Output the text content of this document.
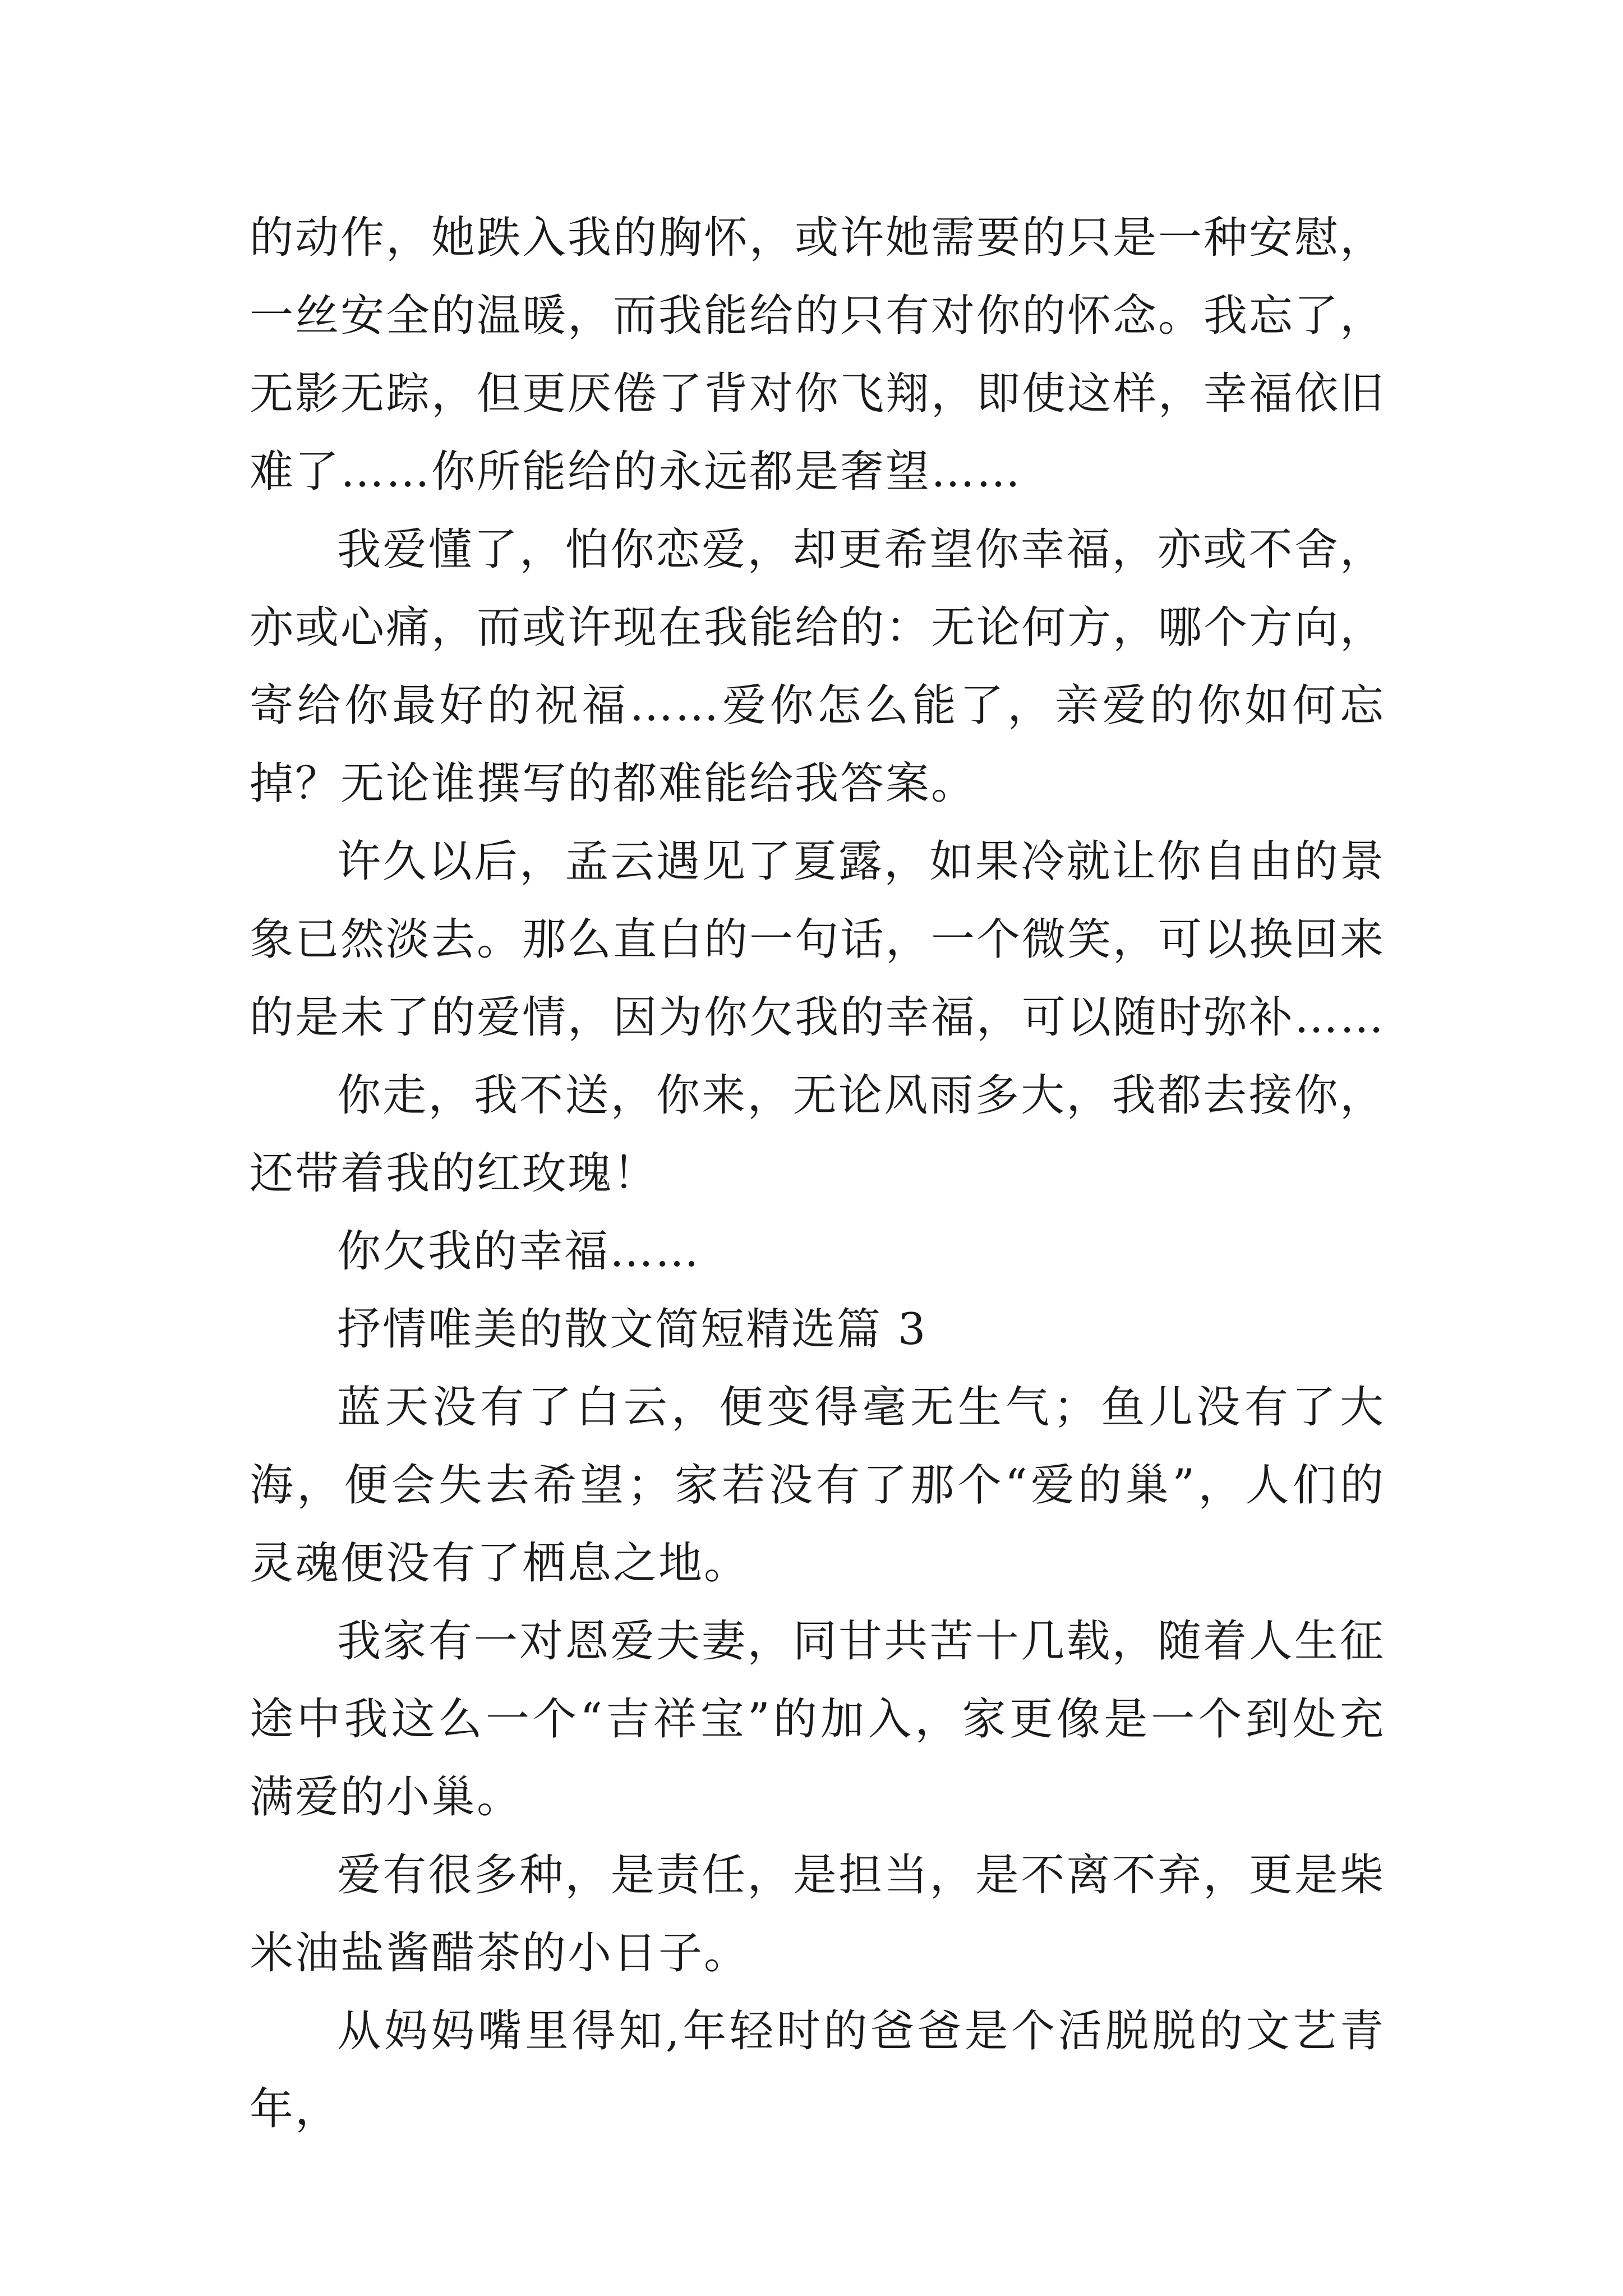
的动作，她跌入我的胸怀，或许她需要的只是一种安慰，一丝安全的温暖，而我能给的只有对你的怀念。我忘了，无影无踪，但更厌倦了背对你飞翔，即使这样，幸福依旧难了……你所能给的永远都是奢望……

我爱懂了，怕你恋爱，却更希望你幸福，亦或不舍，亦或心痛，而或许现在我能给的：无论何方，哪个方向，寄给你最好的祝福……爱你怎么能了，亲爱的你如何忘掉？无论谁撰写的都难能给我答案。

许久以后，孟云遇见了夏露，如果冷就让你自由的景象已然淡去。那么直白的一句话，一个微笑，可以换回来的是未了的爱情，因为你欠我的幸福，可以随时弥补……

你走，我不送，你来，无论风雨多大，我都去接你，还带着我的红玫瑰！

你欠我的幸福……

抒情唯美的散文简短精选篇 3

蓝天没有了白云，便变得毫无生气；鱼儿没有了大海，便会失去希望；家若没有了那个“爱的巢”，人们的灵魂便没有了栖息之地。

我家有一对恩爱夫妻，同甘共苦十几载，随着人生征途中我这么一个“吉祥宝”的加入，家更像是一个到处充满爱的小巢。

爱有很多种，是责任，是担当，是不离不弃，更是柴米油盐酱醋茶的小日子。

从妈妈嘴里得知,年轻时的爸爸是个活脱脱的文艺青年，
